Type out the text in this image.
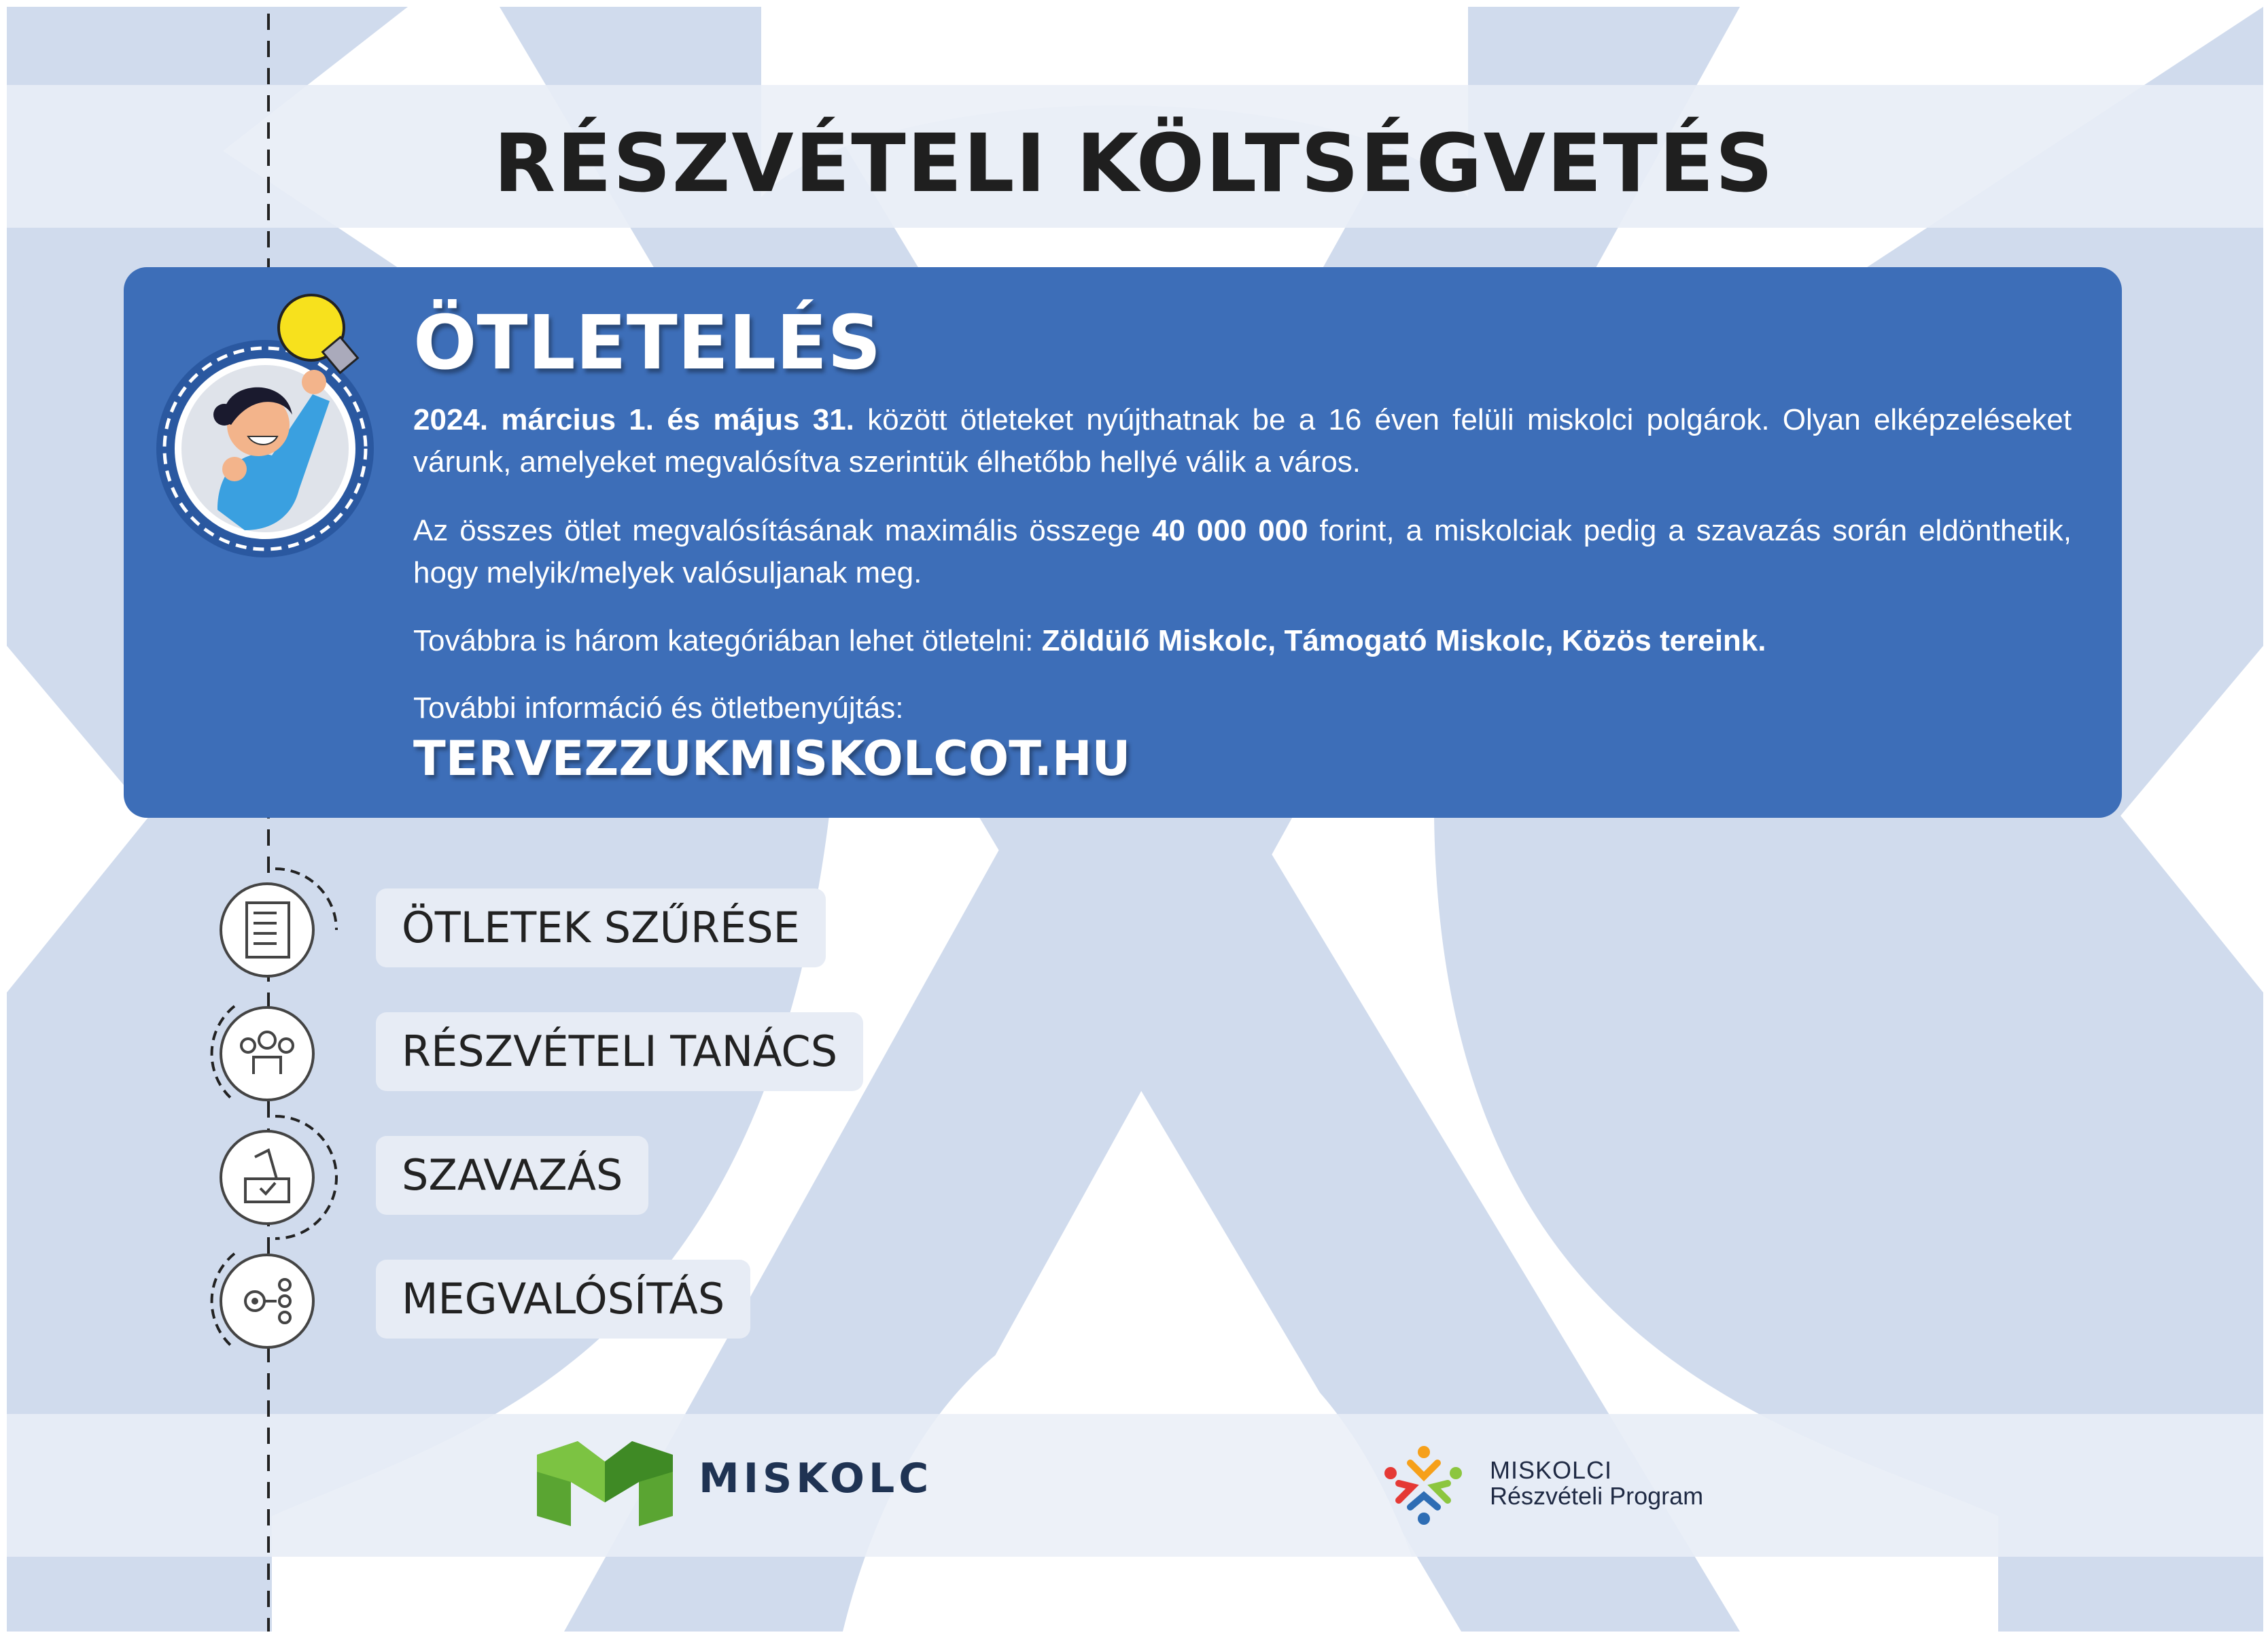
RÉSZVÉTELI KÖLTSÉGVETÉS
ÖTLETELÉS

2024. március 1. és május 31. között ötleteket nyújthatnak be a 16 éven felüli miskolci polgárok. Olyan elképzeléseket várunk, amelyeket megvalósítva szerintük élhetőbb hellyé válik a város.

Az összes ötlet megvalósításának maximális összege 40 000 000 forint, a miskolciak pedig a szavazás során eldönthetik, hogy melyik/melyek valósuljanak meg.

Továbbra is három kategóriában lehet ötletelni: Zöldülő Miskolc, Támogató Miskolc, Közös tereink.

További információ és ötletbenyújtás:

TERVEZZUKMISKOLCOT.HU

ÖTLETEK SZŰRÉSE
RÉSZVÉTELI TANÁCS
SZAVAZÁS
MEGVALÓSÍTÁS
MISKOLC	MISKOLCI
Részvételi Program
